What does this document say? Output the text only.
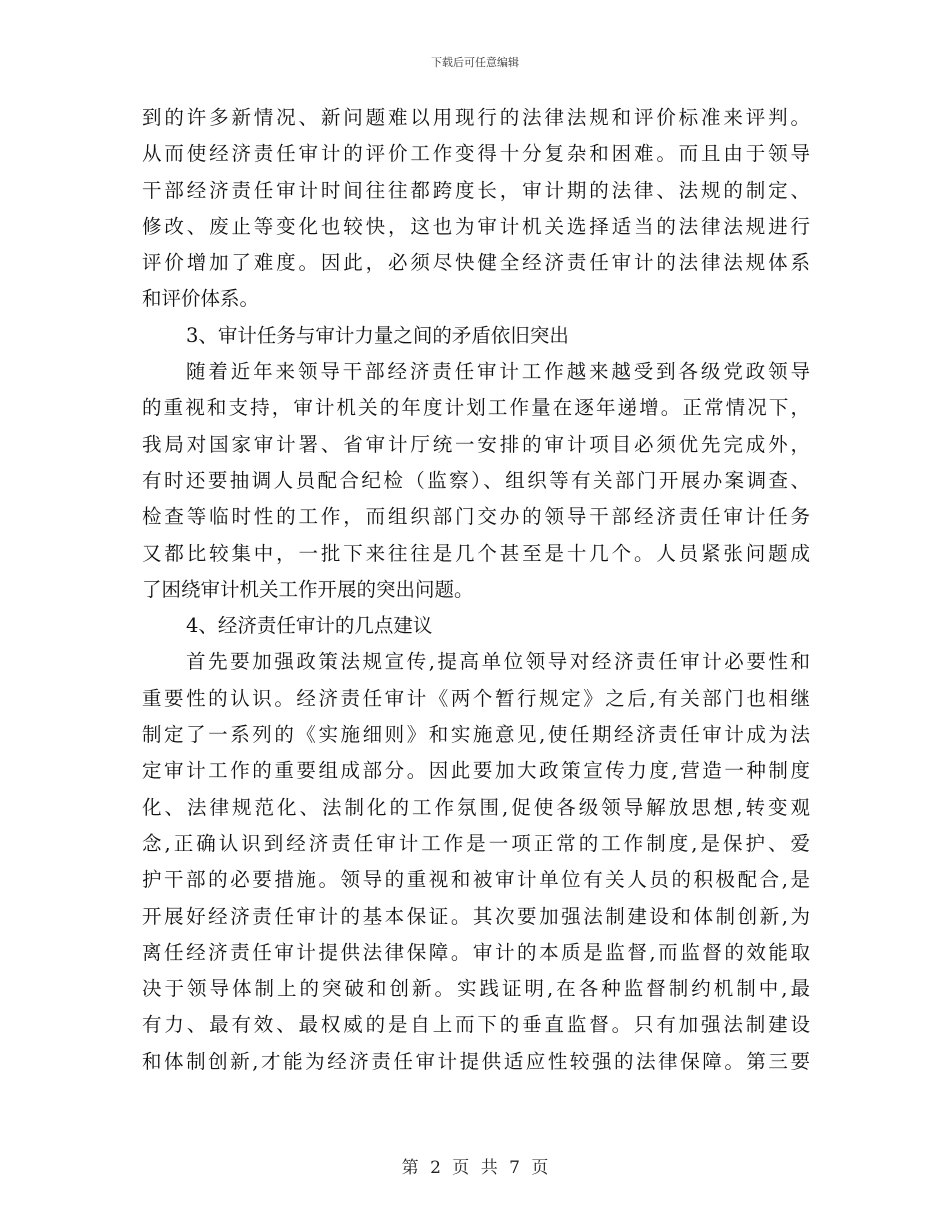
下载后可任意编辑
到的许多新情况、新问题难以用现行的法律法规和评价标准来评判。
从而使经济责任审计的评价工作变得十分复杂和困难。而且由于领导
干部经济责任审计时间往往都跨度长，审计期的法律、法规的制定、
修改、废止等变化也较快，这也为审计机关选择适当的法律法规进行
评价增加了难度。因此，必须尽快健全经济责任审计的法律法规体系
和评价体系。
3、审计任务与审计力量之间的矛盾依旧突出
随着近年来领导干部经济责任审计工作越来越受到各级党政领导
的重视和支持，审计机关的年度计划工作量在逐年递增。正常情况下，
我局对国家审计署、省审计厅统一安排的审计项目必须优先完成外，
有时还要抽调人员配合纪检（监察）、组织等有关部门开展办案调查、
检查等临时性的工作，而组织部门交办的领导干部经济责任审计任务
又都比较集中，一批下来往往是几个甚至是十几个。人员紧张问题成
了困绕审计机关工作开展的突出问题。
4、经济责任审计的几点建议
首先要加强政策法规宣传,提高单位领导对经济责任审计必要性和
重要性的认识。经济责任审计《两个暂行规定》之后,有关部门也相继
制定了一系列的《实施细则》和实施意见,使任期经济责任审计成为法
定审计工作的重要组成部分。因此要加大政策宣传力度,营造一种制度
化、法律规范化、法制化的工作氛围,促使各级领导解放思想,转变观
念,正确认识到经济责任审计工作是一项正常的工作制度,是保护、爱
护干部的必要措施。领导的重视和被审计单位有关人员的积极配合,是
开展好经济责任审计的基本保证。其次要加强法制建设和体制创新,为
离任经济责任审计提供法律保障。审计的本质是监督,而监督的效能取
决于领导体制上的突破和创新。实践证明,在各种监督制约机制中,最
有力、最有效、最权威的是自上而下的垂直监督。只有加强法制建设
和体制创新,才能为经济责任审计提供适应性较强的法律保障。第三要
第 2 页 共 7 页
